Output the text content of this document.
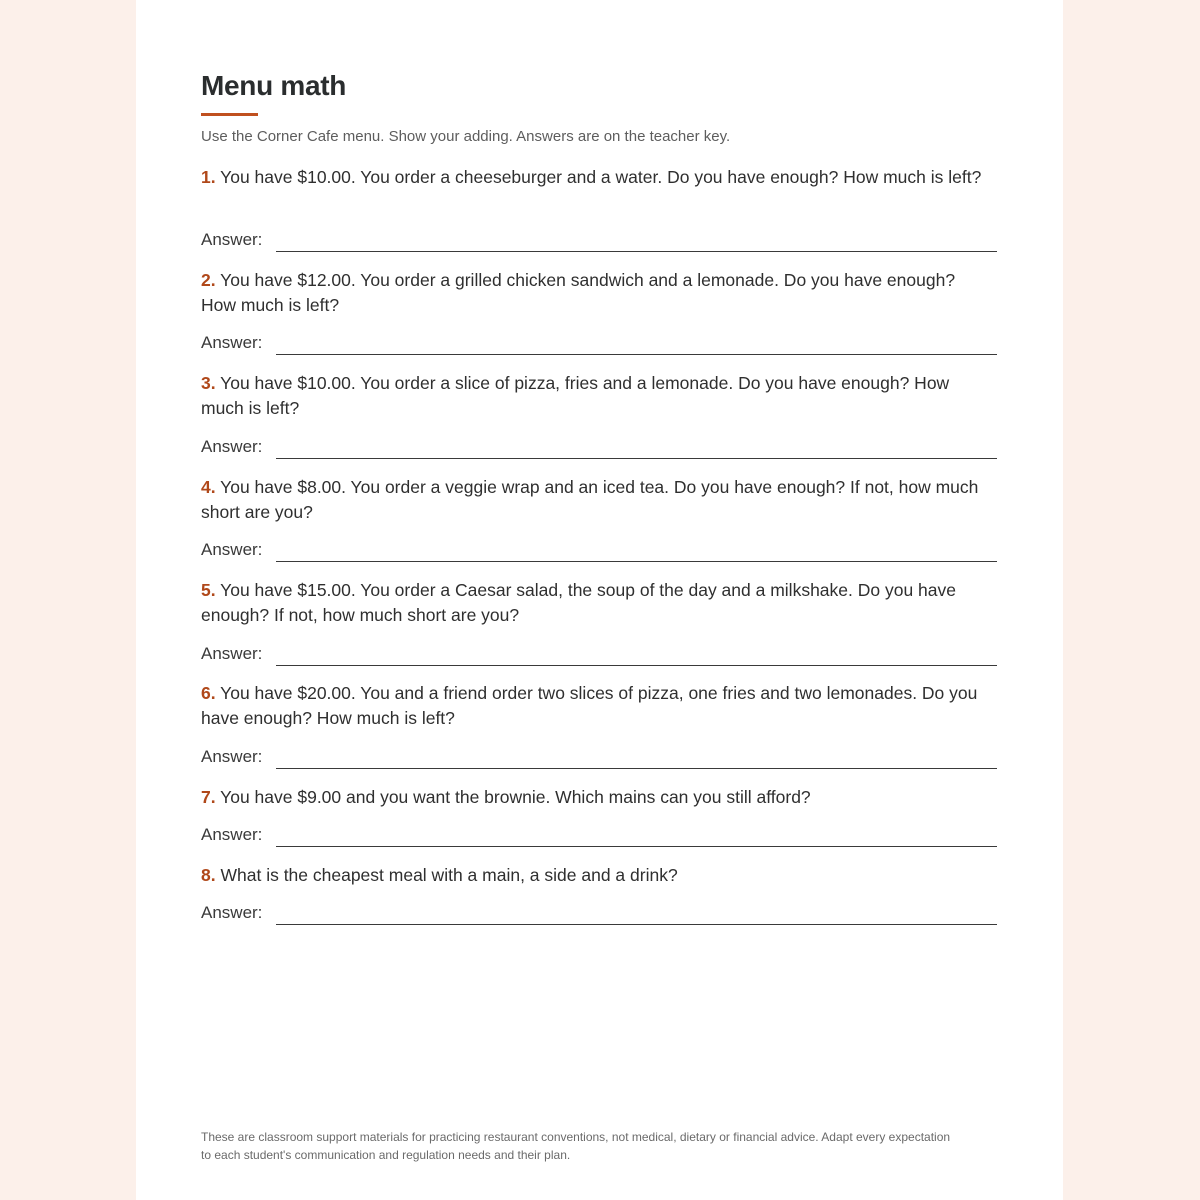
Menu math
Use the Corner Cafe menu. Show your adding. Answers are on the teacher key.
1. You have $10.00. You order a cheeseburger and a water. Do you have enough? How much is left?
Answer:
2. You have $12.00. You order a grilled chicken sandwich and a lemonade. Do you have enough? How much is left?
Answer:
3. You have $10.00. You order a slice of pizza, fries and a lemonade. Do you have enough? How much is left?
Answer:
4. You have $8.00. You order a veggie wrap and an iced tea. Do you have enough? If not, how much short are you?
Answer:
5. You have $15.00. You order a Caesar salad, the soup of the day and a milkshake. Do you have enough? If not, how much short are you?
Answer:
6. You have $20.00. You and a friend order two slices of pizza, one fries and two lemonades. Do you have enough? How much is left?
Answer:
7. You have $9.00 and you want the brownie. Which mains can you still afford?
Answer:
8. What is the cheapest meal with a main, a side and a drink?
Answer:
These are classroom support materials for practicing restaurant conventions, not medical, dietary or financial advice. Adapt every expectation to each student's communication and regulation needs and their plan.
